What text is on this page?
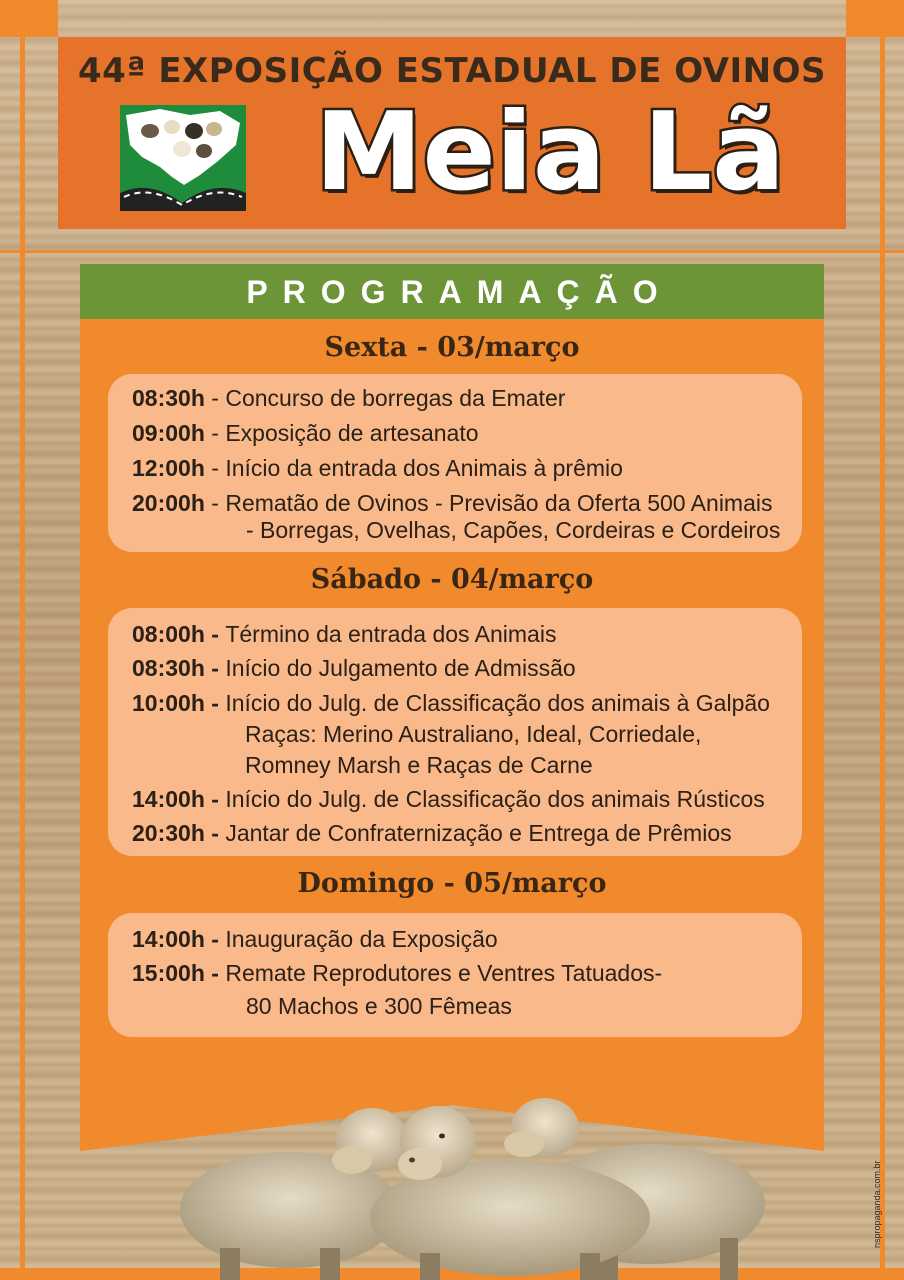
44ª EXPOSIÇÃO ESTADUAL DE OVINOS
Meia Lã
PROGRAMAÇÃO
Sexta - 03/março
08:30h - Concurso de borregas da Emater
09:00h - Exposição de artesanato
12:00h - Início da entrada dos Animais à prêmio
20:00h - Rematão de Ovinos - Previsão da Oferta 500 Animais
- Borregas, Ovelhas, Capões, Cordeiras e Cordeiros
Sábado - 04/março
08:00h - Término da entrada dos Animais
08:30h - Início do Julgamento de Admissão
10:00h - Início do Julg. de Classificação dos animais à Galpão
Raças: Merino Australiano, Ideal, Corriedale,
Romney Marsh e Raças de Carne
14:00h - Início do Julg. de Classificação dos animais Rústicos
20:30h - Jantar de Confraternização e Entrega de Prêmios
Domingo - 05/março
14:00h - Inauguração da Exposição
15:00h - Remate Reprodutores e Ventres Tatuados-
80 Machos e 300 Fêmeas
nspropaganda.com.br
